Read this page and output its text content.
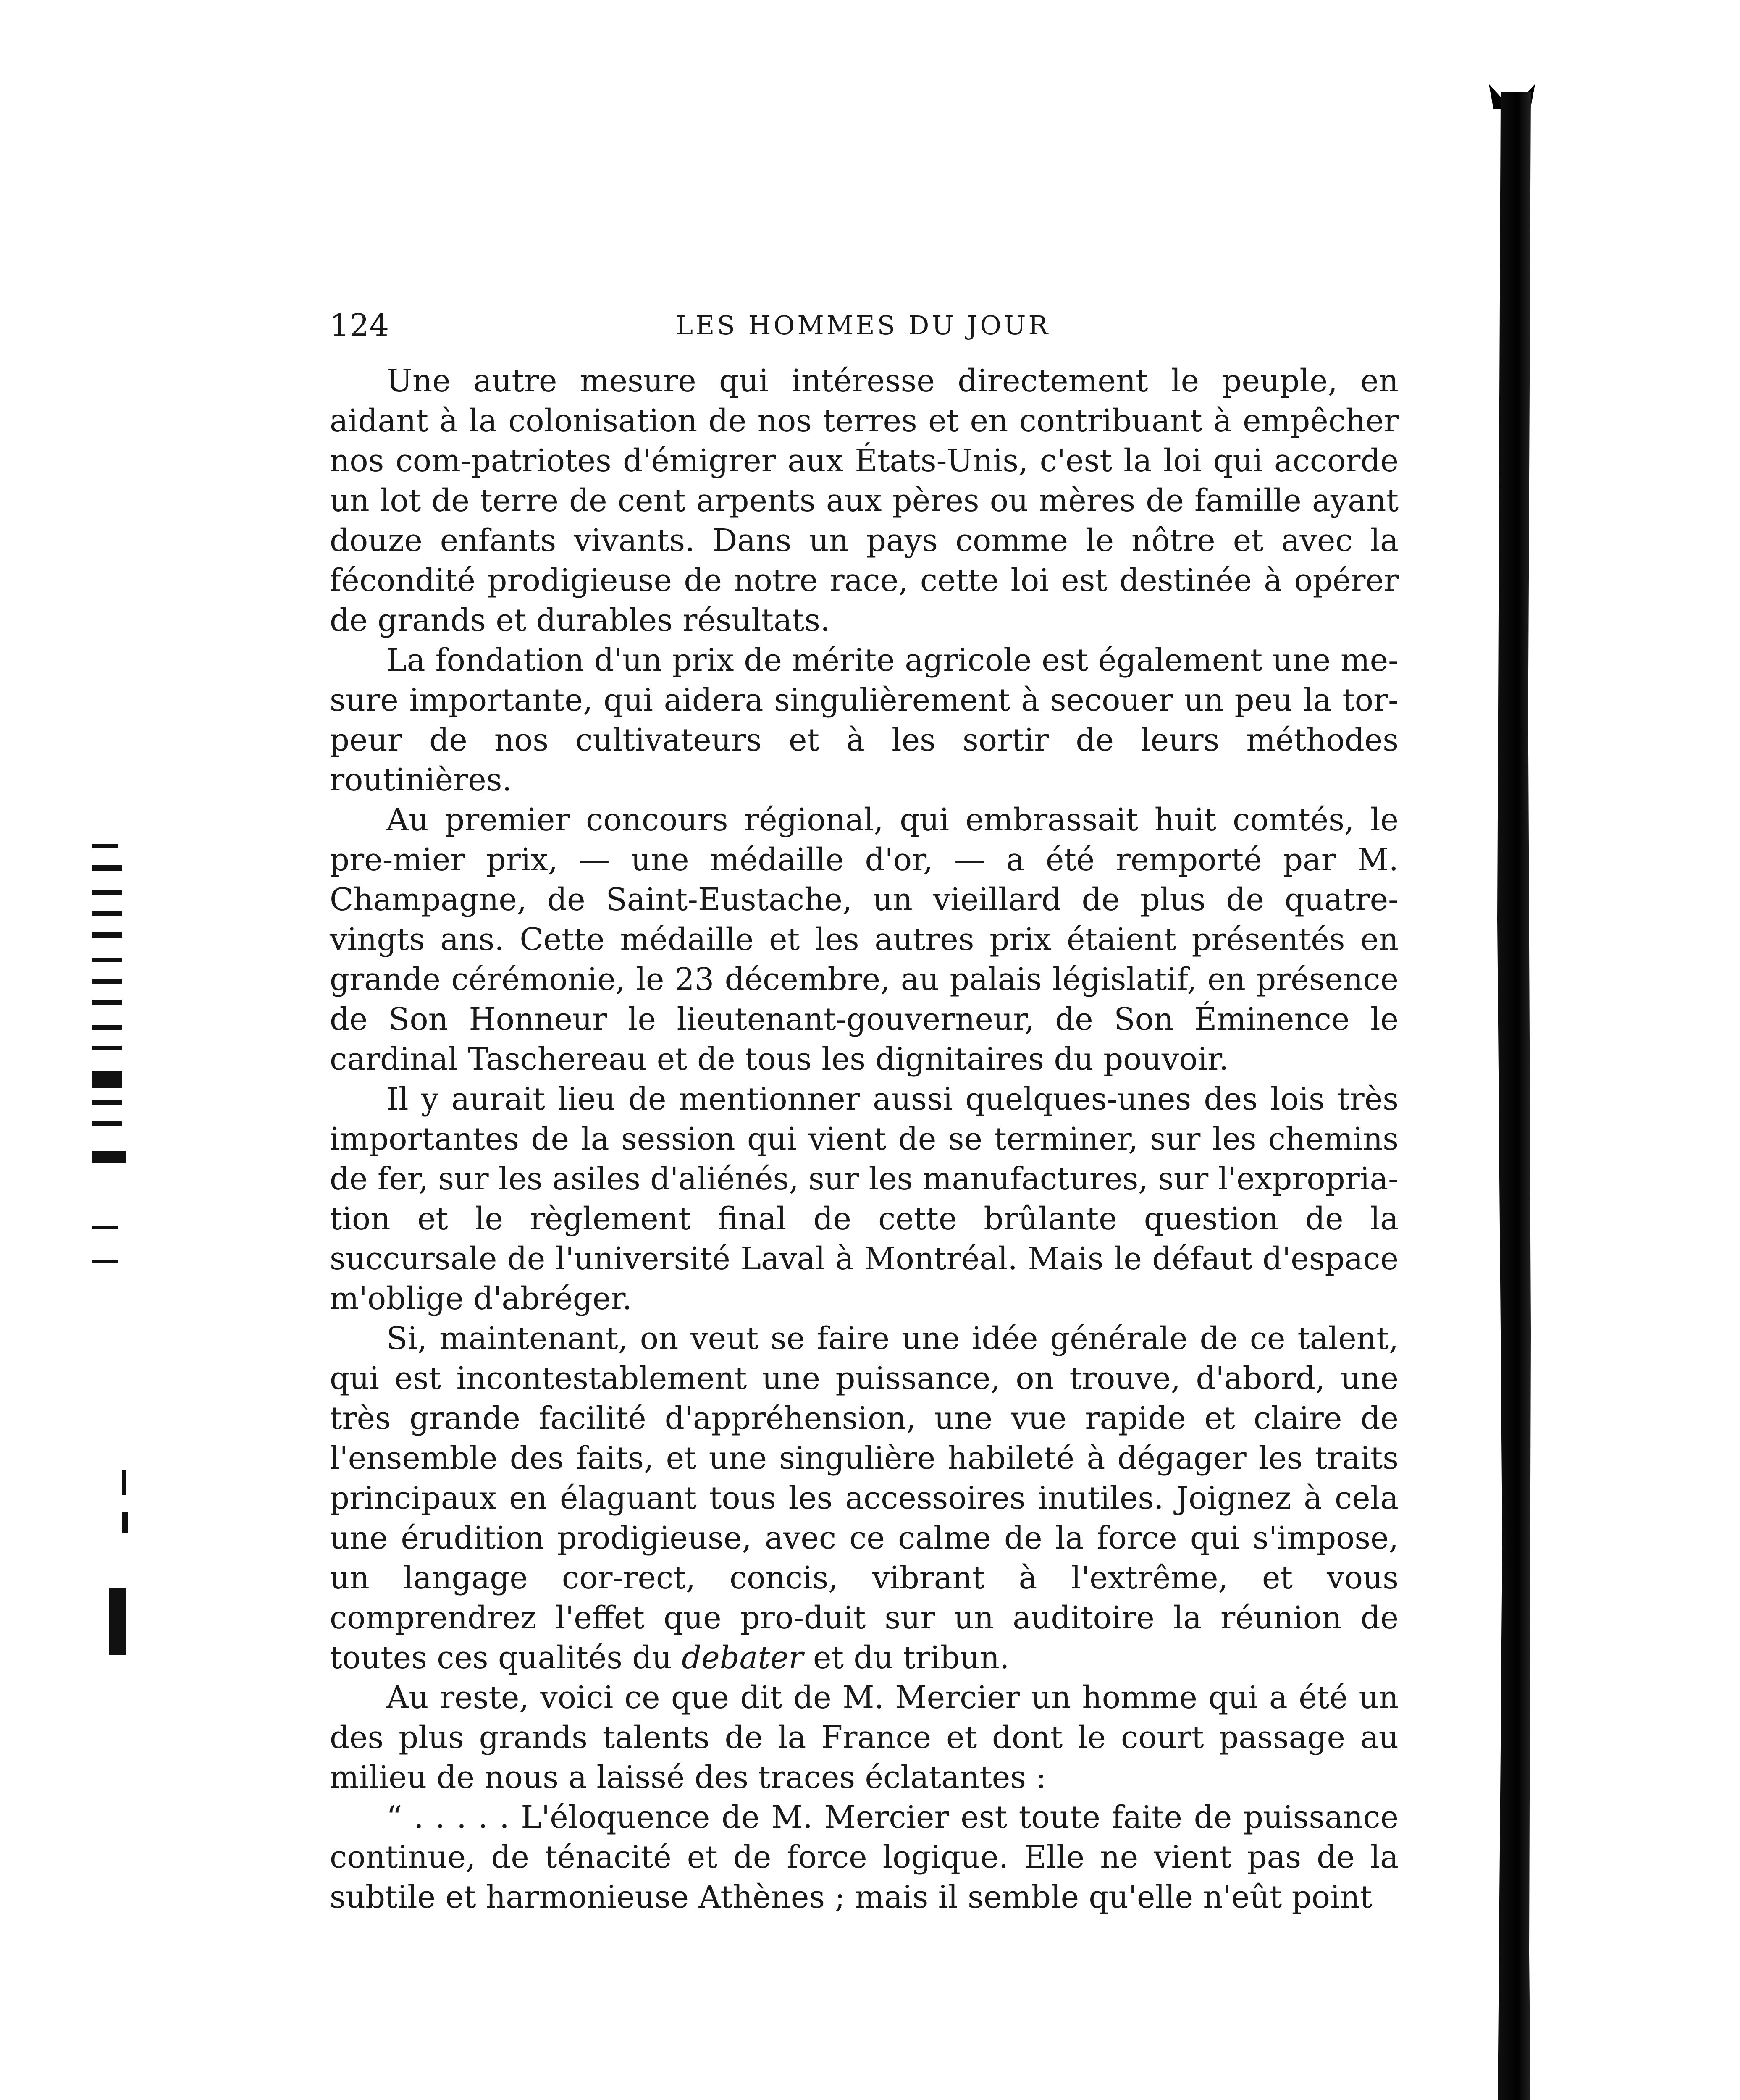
124	LES HOMMES DU JOUR

Une autre mesure qui intéresse directement le peuple, en aidant à la colonisation de nos terres et en contribuant à empêcher nos com-patriotes d'émigrer aux États-Unis, c'est la loi qui accorde un lot de terre de cent arpents aux pères ou mères de famille ayant douze enfants vivants. Dans un pays comme le nôtre et avec la fécondité prodigieuse de notre race, cette loi est destinée à opérer de grands et durables résultats.

La fondation d'un prix de mérite agricole est également une me-sure importante, qui aidera singulièrement à secouer un peu la tor-peur de nos cultivateurs et à les sortir de leurs méthodes routinières.

Au premier concours régional, qui embrassait huit comtés, le pre-mier prix, — une médaille d'or, — a été remporté par M. Champagne, de Saint-Eustache, un vieillard de plus de quatre-vingts ans. Cette médaille et les autres prix étaient présentés en grande cérémonie, le 23 décembre, au palais législatif, en présence de Son Honneur le lieutenant-gouverneur, de Son Éminence le cardinal Taschereau et de tous les dignitaires du pouvoir.

Il y aurait lieu de mentionner aussi quelques-unes des lois très importantes de la session qui vient de se terminer, sur les chemins de fer, sur les asiles d'aliénés, sur les manufactures, sur l'expropria-tion et le règlement final de cette brûlante question de la succursale de l'université Laval à Montréal. Mais le défaut d'espace m'oblige d'abréger.

Si, maintenant, on veut se faire une idée générale de ce talent, qui est incontestablement une puissance, on trouve, d'abord, une très grande facilité d'appréhension, une vue rapide et claire de l'ensemble des faits, et une singulière habileté à dégager les traits principaux en élaguant tous les accessoires inutiles. Joignez à cela une érudition prodigieuse, avec ce calme de la force qui s'impose, un langage cor-rect, concis, vibrant à l'extrême, et vous comprendrez l'effet que pro-duit sur un auditoire la réunion de toutes ces qualités du debater et du tribun.

Au reste, voici ce que dit de M. Mercier un homme qui a été un des plus grands talents de la France et dont le court passage au milieu de nous a laissé des traces éclatantes :

“ . . . . . L'éloquence de M. Mercier est toute faite de puissance continue, de ténacité et de force logique. Elle ne vient pas de la subtile et harmonieuse Athènes ; mais il semble qu'elle n'eût point
